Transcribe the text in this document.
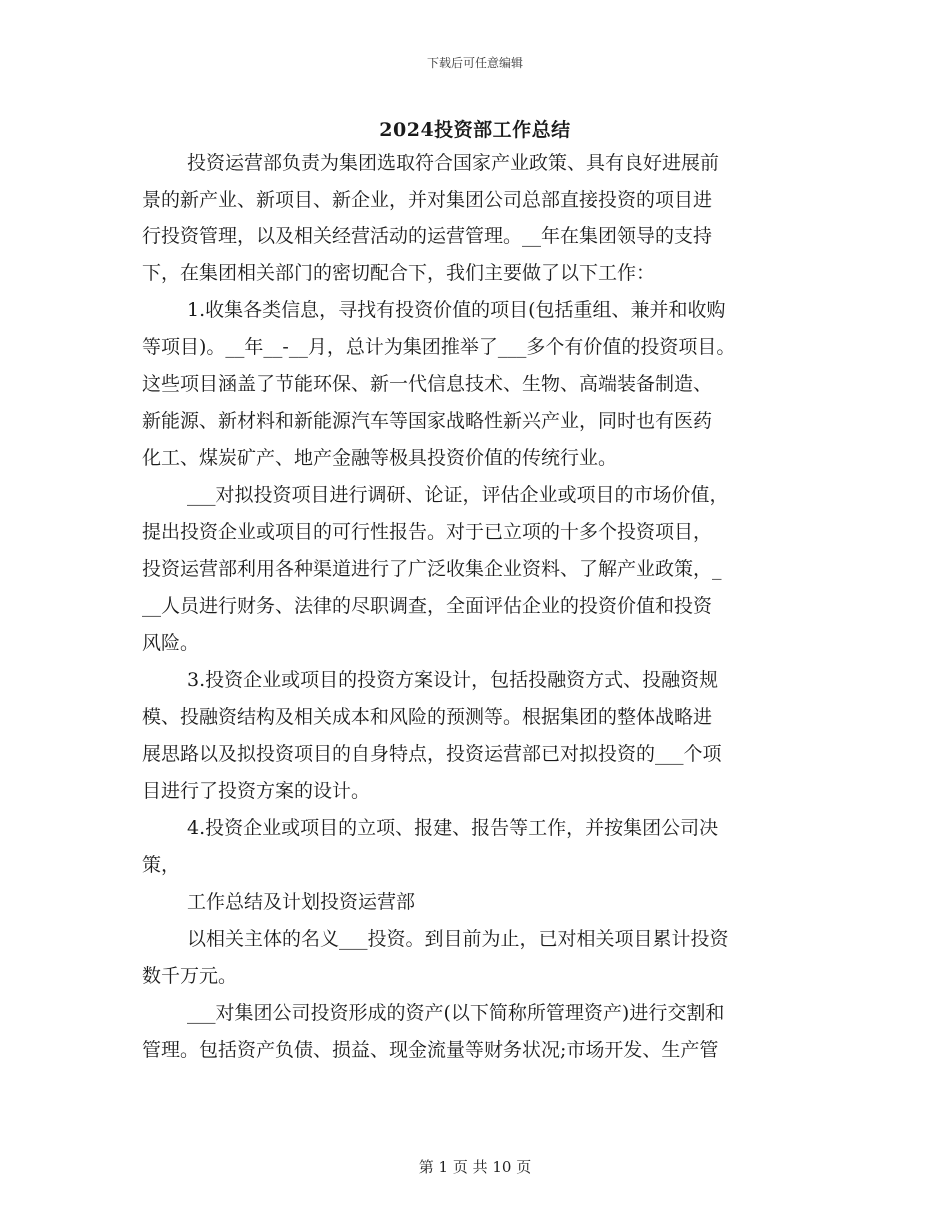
下载后可任意编辑
2024投资部工作总结
投资运营部负责为集团选取符合国家产业政策、具有良好进展前
景的新产业、新项目、新企业，并对集团公司总部直接投资的项目进
行投资管理，以及相关经营活动的运营管理。__年在集团领导的支持
下，在集团相关部门的密切配合下，我们主要做了以下工作：
1.收集各类信息，寻找有投资价值的项目(包括重组、兼并和收购
等项目)。__年__-__月，总计为集团推举了___多个有价值的投资项目。
这些项目涵盖了节能环保、新一代信息技术、生物、高端装备制造、
新能源、新材料和新能源汽车等国家战略性新兴产业，同时也有医药
化工、煤炭矿产、地产金融等极具投资价值的传统行业。
___对拟投资项目进行调研、论证，评估企业或项目的市场价值，
提出投资企业或项目的可行性报告。对于已立项的十多个投资项目，
投资运营部利用各种渠道进行了广泛收集企业资料、了解产业政策，_
__人员进行财务、法律的尽职调查，全面评估企业的投资价值和投资
风险。
3.投资企业或项目的投资方案设计，包括投融资方式、投融资规
模、投融资结构及相关成本和风险的预测等。根据集团的整体战略进
展思路以及拟投资项目的自身特点，投资运营部已对拟投资的___个项
目进行了投资方案的设计。
4.投资企业或项目的立项、报建、报告等工作，并按集团公司决
策，
工作总结及计划投资运营部
以相关主体的名义___投资。到目前为止，已对相关项目累计投资
数千万元。
___对集团公司投资形成的资产(以下简称所管理资产)进行交割和
管理。包括资产负债、损益、现金流量等财务状况;市场开发、生产管
第 1 页 共 10 页
